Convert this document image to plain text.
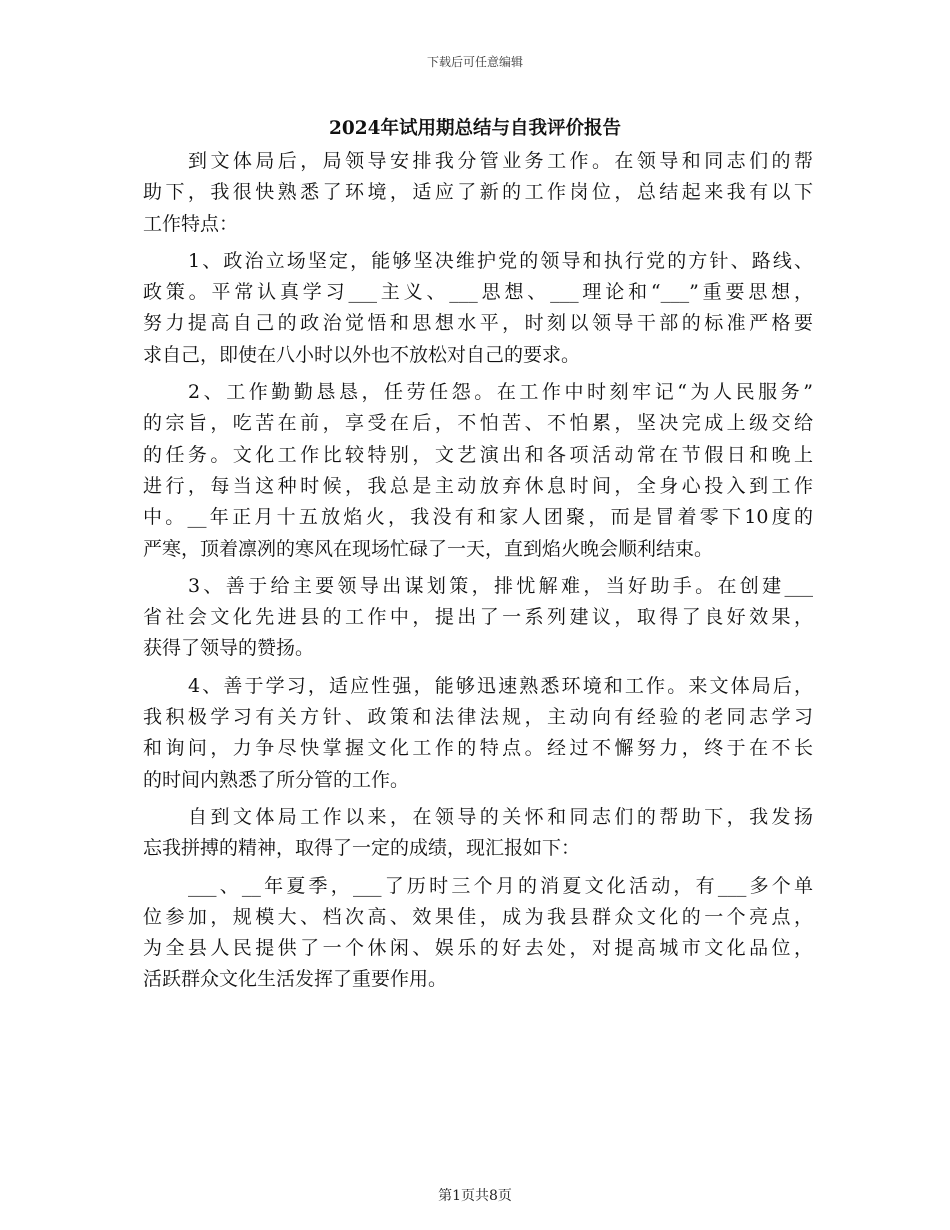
下载后可任意编辑
2024年试用期总结与自我评价报告
到文体局后，局领导安排我分管业务工作。在领导和同志们的帮
助下，我很快熟悉了环境，适应了新的工作岗位，总结起来我有以下
工作特点：
1、政治立场坚定，能够坚决维护党的领导和执行党的方针、路线、
政策。平常认真学习___主义、___思想、___理论和“___”重要思想，
努力提高自己的政治觉悟和思想水平，时刻以领导干部的标准严格要
求自己，即使在八小时以外也不放松对自己的要求。
2、工作勤勤恳恳，任劳任怨。在工作中时刻牢记“为人民服务”
的宗旨，吃苦在前，享受在后，不怕苦、不怕累，坚决完成上级交给
的任务。文化工作比较特别，文艺演出和各项活动常在节假日和晚上
进行，每当这种时候，我总是主动放弃休息时间，全身心投入到工作
中。__年正月十五放焰火，我没有和家人团聚，而是冒着零下10度的
严寒，顶着凛冽的寒风在现场忙碌了一天，直到焰火晚会顺利结束。
3、善于给主要领导出谋划策，排忧解难，当好助手。在创建___
省社会文化先进县的工作中，提出了一系列建议，取得了良好效果，
获得了领导的赞扬。
4、善于学习，适应性强，能够迅速熟悉环境和工作。来文体局后，
我积极学习有关方针、政策和法律法规，主动向有经验的老同志学习
和询问，力争尽快掌握文化工作的特点。经过不懈努力，终于在不长
的时间内熟悉了所分管的工作。
自到文体局工作以来，在领导的关怀和同志们的帮助下，我发扬
忘我拼搏的精神，取得了一定的成绩，现汇报如下：
___、__年夏季，___了历时三个月的消夏文化活动，有___多个单
位参加，规模大、档次高、效果佳，成为我县群众文化的一个亮点，
为全县人民提供了一个休闲、娱乐的好去处，对提高城市文化品位，
活跃群众文化生活发挥了重要作用。
第1页共8页
